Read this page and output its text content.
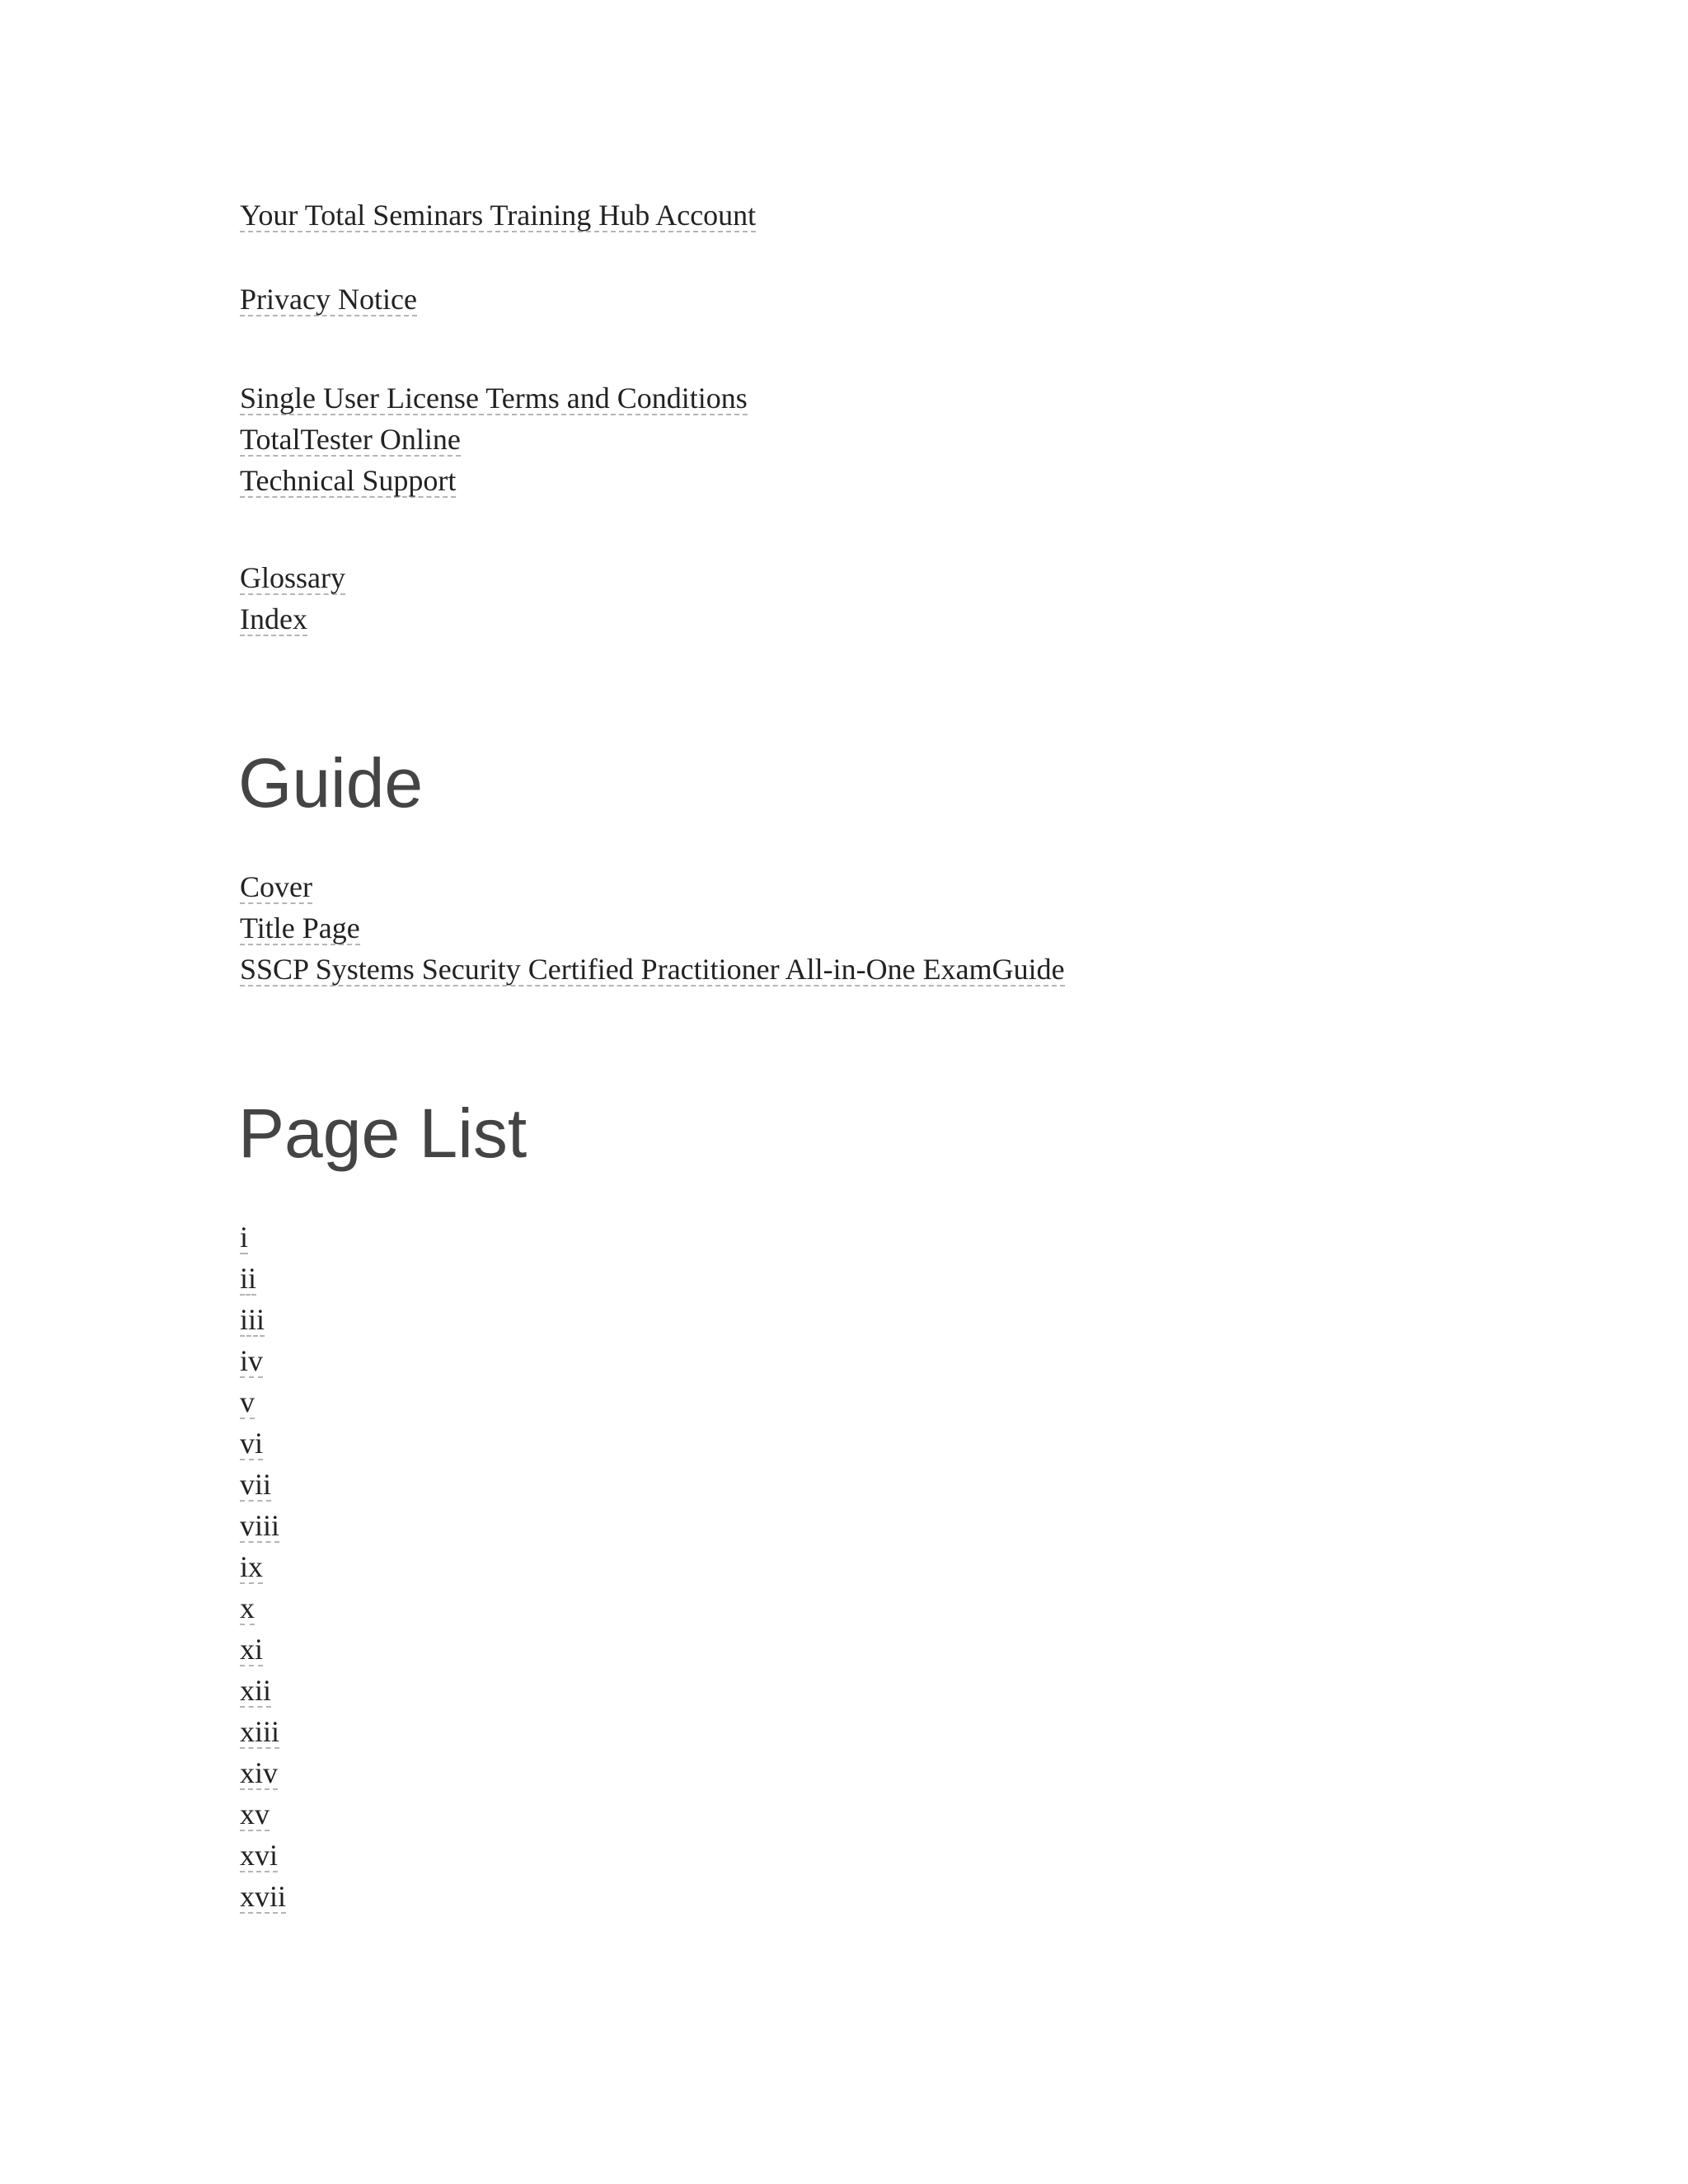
Your Total Seminars Training Hub Account
Privacy Notice
Single User License Terms and Conditions
TotalTester Online
Technical Support
Glossary
Index
Guide
Cover
Title Page
SSCP Systems Security Certified Practitioner All-in-One ExamGuide
Page List
i
ii
iii
iv
v
vi
vii
viii
ix
x
xi
xii
xiii
xiv
xv
xvi
xvii
